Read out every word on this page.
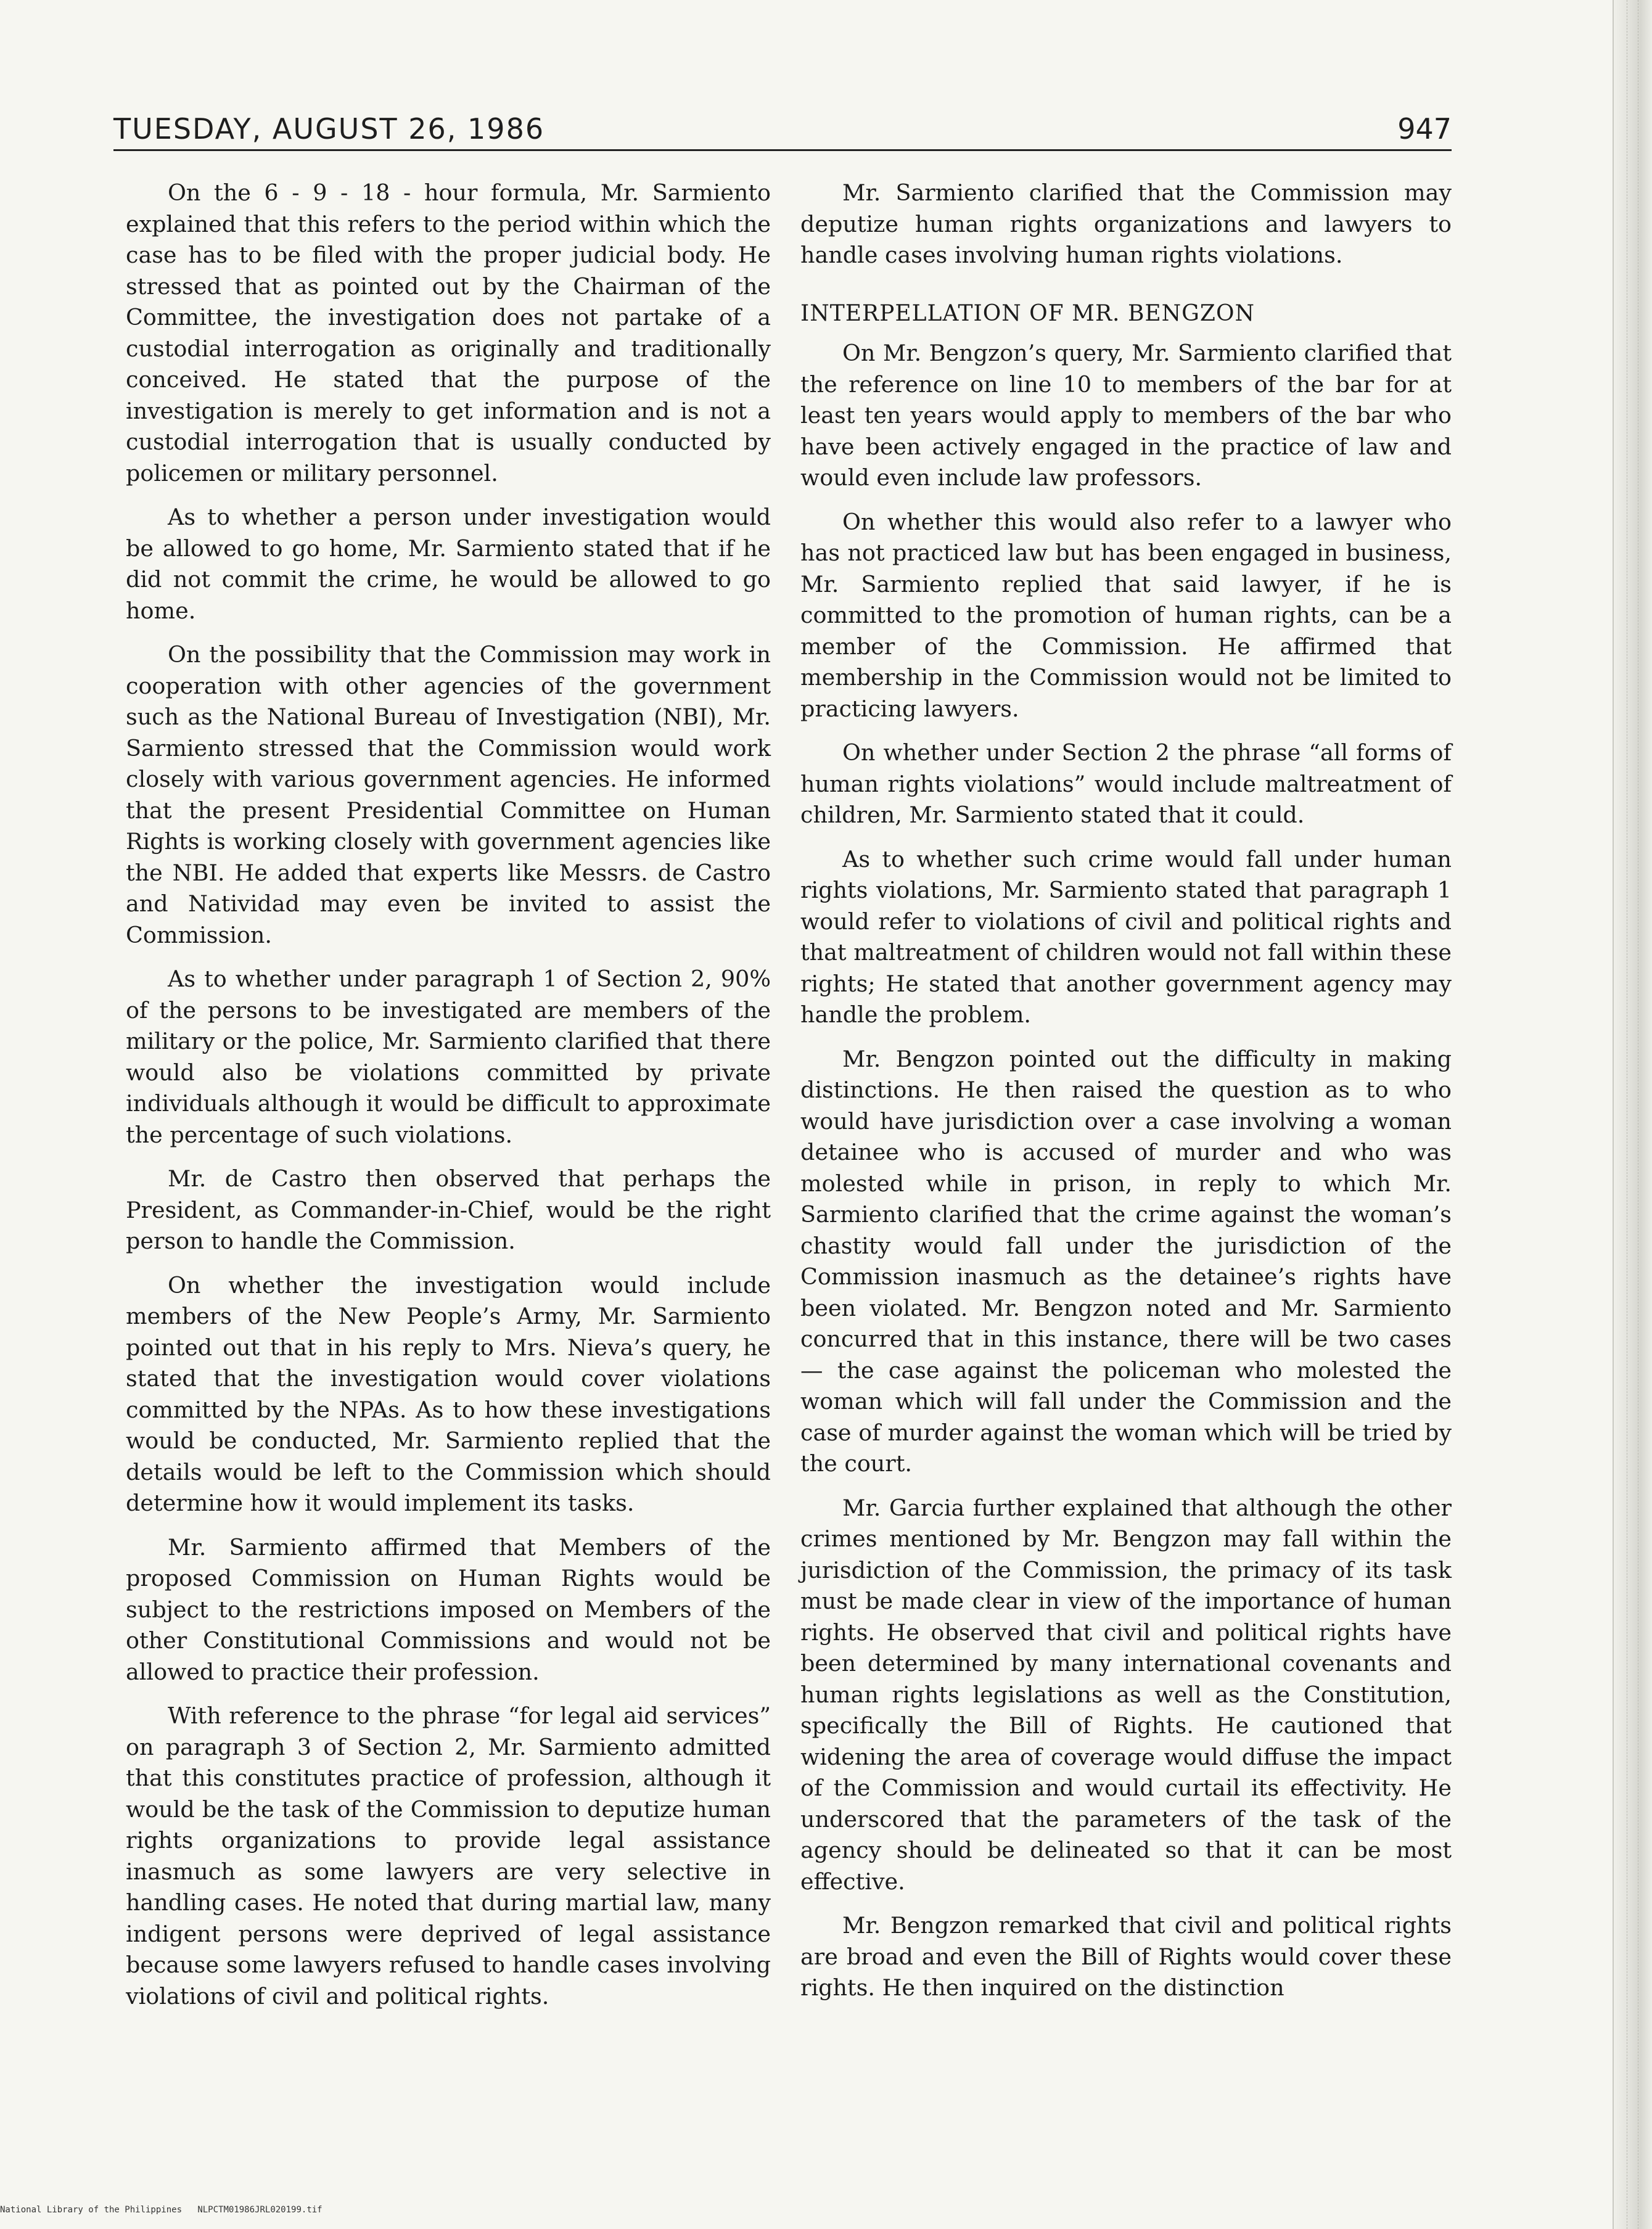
TUESDAY, AUGUST 26, 1986	947

On the 6 - 9 - 18 - hour formula, Mr. Sarmiento explained that this refers to the period within which the case has to be filed with the proper judicial body. He stressed that as pointed out by the Chairman of the Committee, the investigation does not partake of a custodial interrogation as originally and traditionally conceived. He stated that the purpose of the investigation is merely to get information and is not a custodial interrogation that is usually conducted by policemen or military personnel.

As to whether a person under investigation would be allowed to go home, Mr. Sarmiento stated that if he did not commit the crime, he would be allowed to go home.

On the possibility that the Commission may work in cooperation with other agencies of the government such as the National Bureau of Investigation (NBI), Mr. Sarmiento stressed that the Commission would work closely with various government agencies. He informed that the present Presidential Committee on Human Rights is working closely with government agencies like the NBI. He added that experts like Messrs. de Castro and Natividad may even be invited to assist the Commission.

As to whether under paragraph 1 of Section 2, 90% of the persons to be investigated are members of the military or the police, Mr. Sarmiento clarified that there would also be violations committed by private individuals although it would be difficult to approximate the percentage of such violations.

Mr. de Castro then observed that perhaps the President, as Commander-in-Chief, would be the right person to handle the Commission.

On whether the investigation would include members of the New People’s Army, Mr. Sarmiento pointed out that in his reply to Mrs. Nieva’s query, he stated that the investigation would cover violations committed by the NPAs. As to how these investigations would be conducted, Mr. Sarmiento replied that the details would be left to the Commission which should determine how it would implement its tasks.

Mr. Sarmiento affirmed that Members of the proposed Commission on Human Rights would be subject to the restrictions imposed on Members of the other Constitutional Commissions and would not be allowed to practice their profession.

With reference to the phrase “for legal aid services” on paragraph 3 of Section 2, Mr. Sarmiento admitted that this constitutes practice of profession, although it would be the task of the Commission to deputize human rights organizations to provide legal assistance inasmuch as some lawyers are very selective in handling cases. He noted that during martial law, many indigent persons were deprived of legal assistance because some lawyers refused to handle cases involving violations of civil and political rights.

Mr. Sarmiento clarified that the Commission may deputize human rights organizations and lawyers to handle cases involving human rights violations.

INTERPELLATION OF MR. BENGZON

On Mr. Bengzon’s query, Mr. Sarmiento clarified that the reference on line 10 to members of the bar for at least ten years would apply to members of the bar who have been actively engaged in the practice of law and would even include law professors.

On whether this would also refer to a lawyer who has not practiced law but has been engaged in business, Mr. Sarmiento replied that said lawyer, if he is committed to the promotion of human rights, can be a member of the Commission. He affirmed that membership in the Commission would not be limited to practicing lawyers.

On whether under Section 2 the phrase “all forms of human rights violations” would include maltreatment of children, Mr. Sarmiento stated that it could.

As to whether such crime would fall under human rights violations, Mr. Sarmiento stated that paragraph 1 would refer to violations of civil and political rights and that maltreatment of children would not fall within these rights; He stated that another government agency may handle the problem.

Mr. Bengzon pointed out the difficulty in making distinctions. He then raised the question as to who would have jurisdiction over a case involving a woman detainee who is accused of murder and who was molested while in prison, in reply to which Mr. Sarmiento clarified that the crime against the woman’s chastity would fall under the jurisdiction of the Commission inasmuch as the detainee’s rights have been violated. Mr. Bengzon noted and Mr. Sarmiento concurred that in this instance, there will be two cases — the case against the policeman who molested the woman which will fall under the Commission and the case of murder against the woman which will be tried by the court.

Mr. Garcia further explained that although the other crimes mentioned by Mr. Bengzon may fall within the jurisdiction of the Commission, the primacy of its task must be made clear in view of the importance of human rights. He observed that civil and political rights have been determined by many international covenants and human rights legislations as well as the Constitution, specifically the Bill of Rights. He cautioned that widening the area of coverage would diffuse the impact of the Commission and would curtail its effectivity. He underscored that the parameters of the task of the agency should be delineated so that it can be most effective.

Mr. Bengzon remarked that civil and political rights are broad and even the Bill of Rights would cover these rights. He then inquired on the distinction

National Library of the Philippines NLPCTM01986JRL020199.tif
